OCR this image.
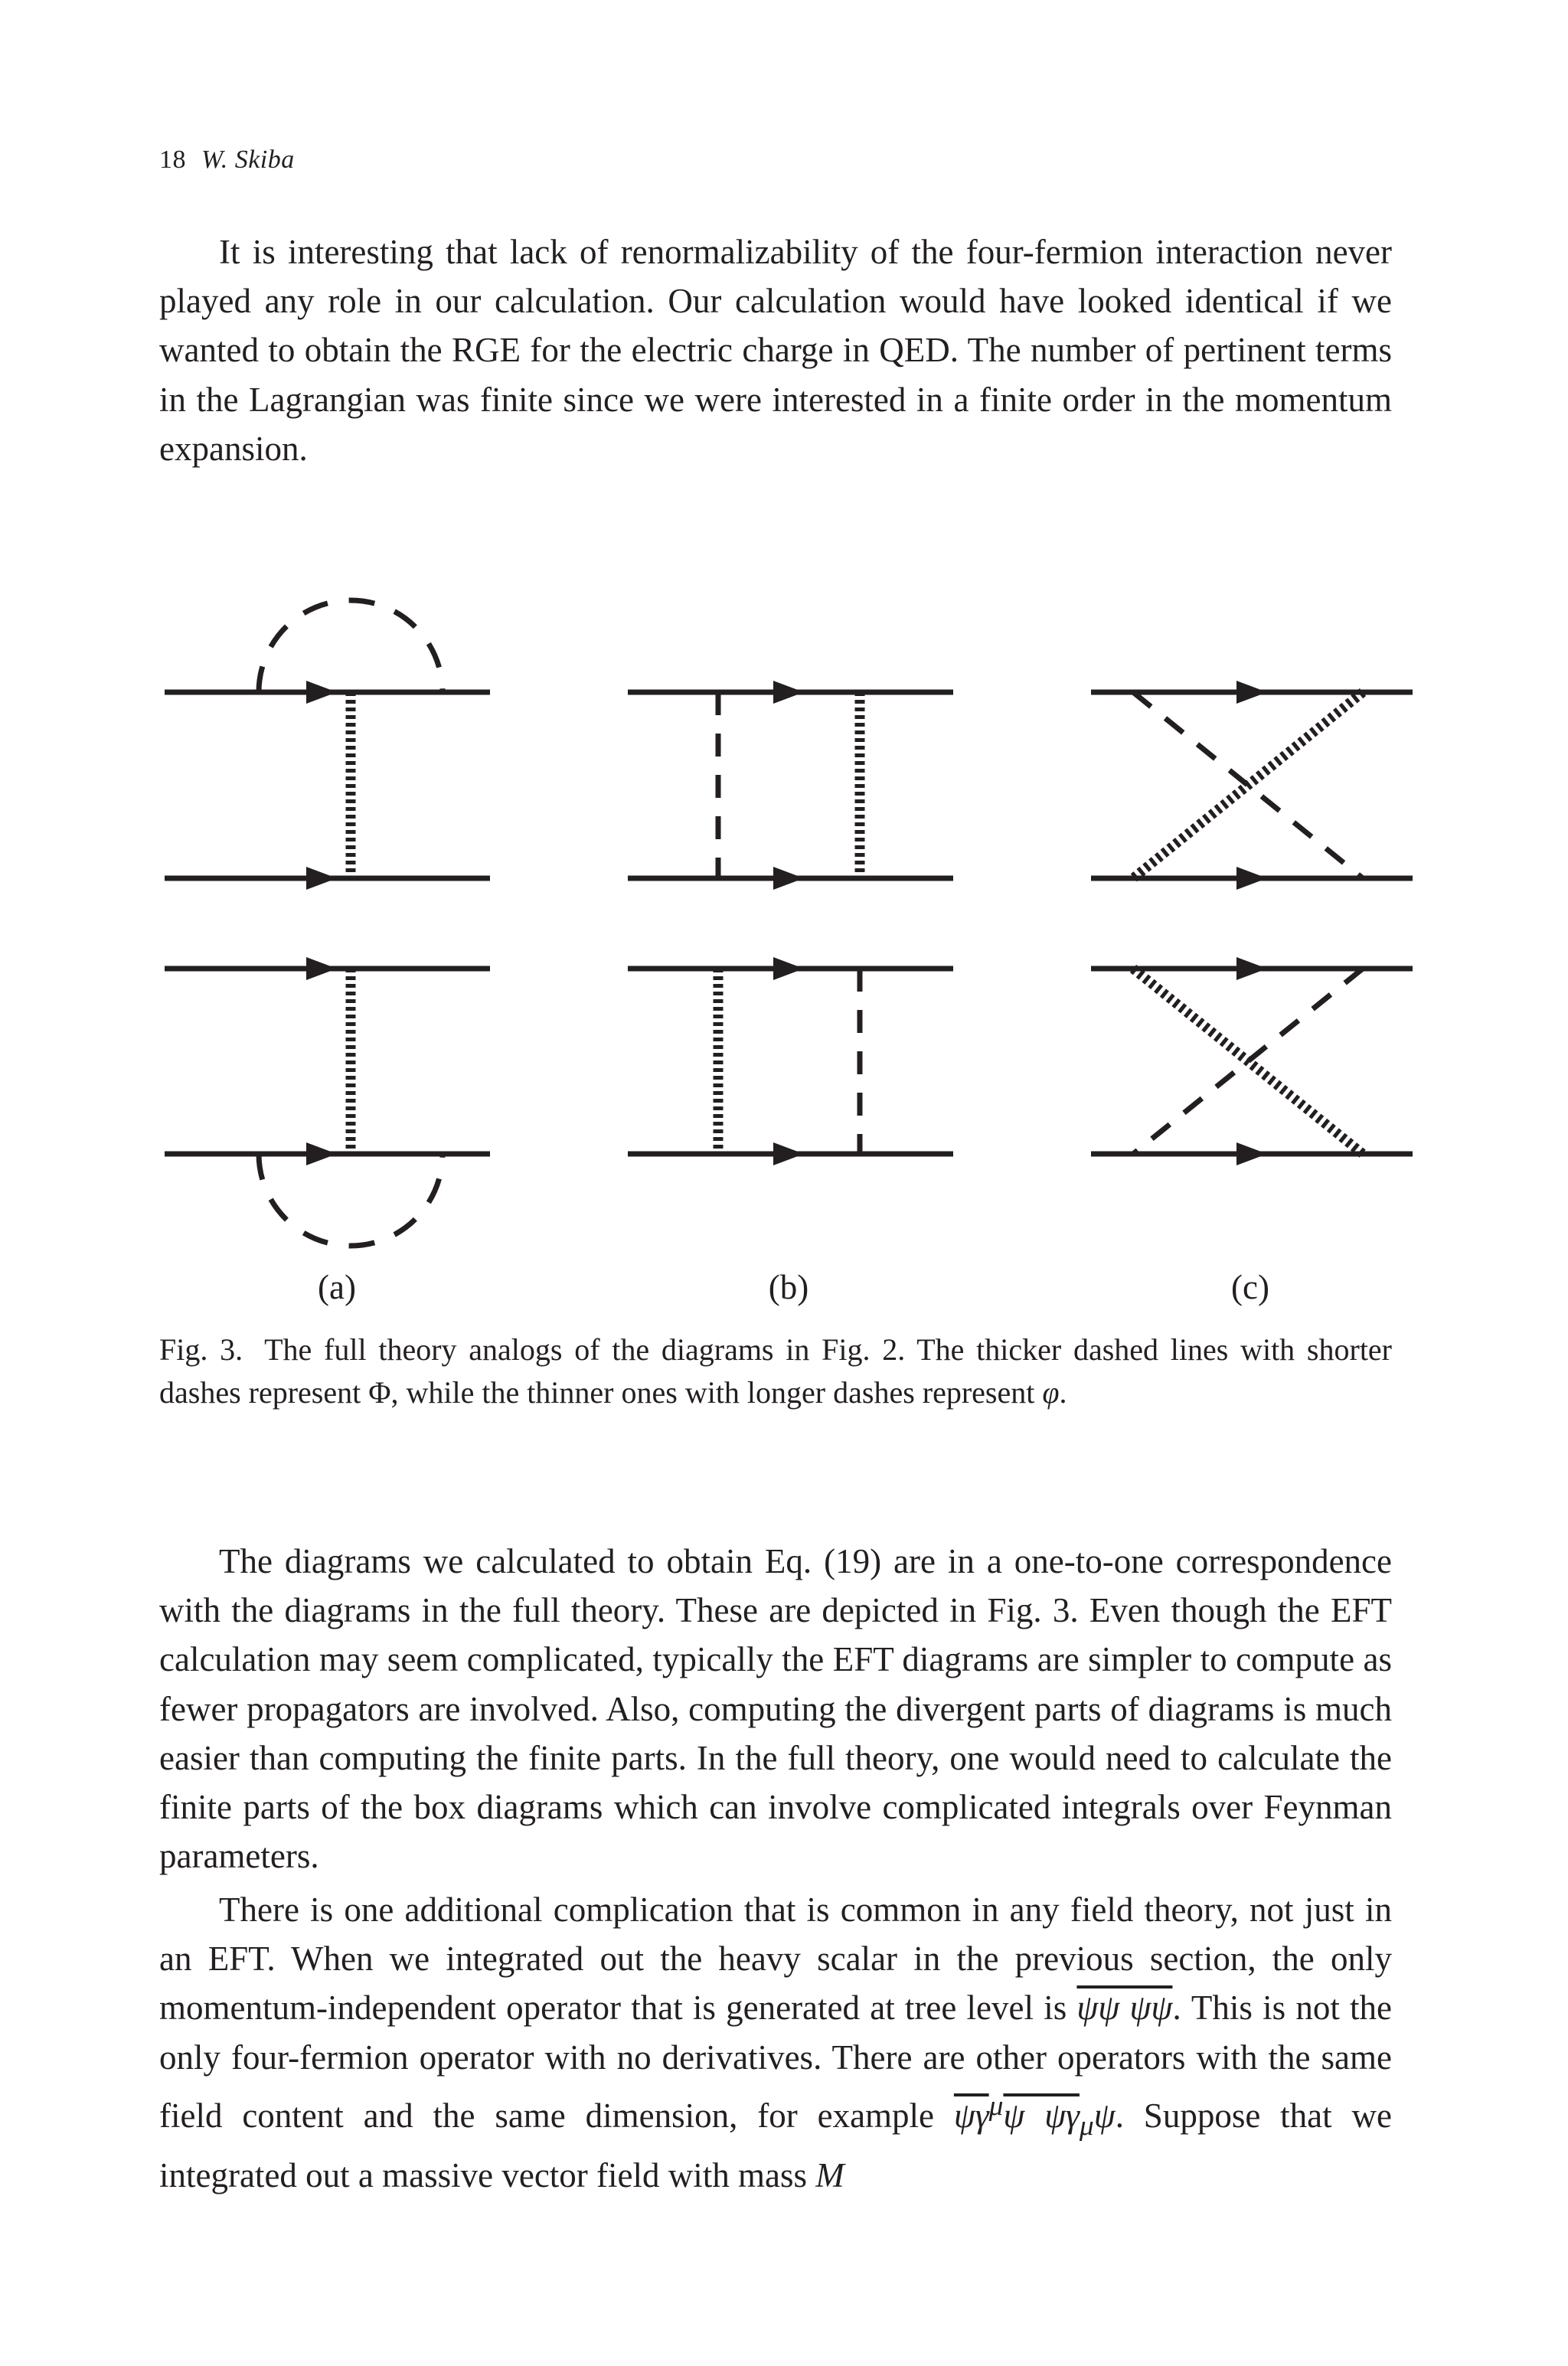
18 W. Skiba

It is interesting that lack of renormalizability of the four-fermion interaction never played any role in our calculation. Our calculation would have looked identical if we wanted to obtain the RGE for the electric charge in QED. The number of pertinent terms in the Lagrangian was finite since we were interested in a finite order in the momentum expansion.

(a)	(b)	(c)

Fig. 3. The full theory analogs of the diagrams in Fig. 2. The thicker dashed lines with shorter dashes represent Φ, while the thinner ones with longer dashes represent φ.

The diagrams we calculated to obtain Eq. (19) are in a one-to-one correspondence with the diagrams in the full theory. These are depicted in Fig. 3. Even though the EFT calculation may seem complicated, typically the EFT diagrams are simpler to compute as fewer propagators are involved. Also, computing the divergent parts of diagrams is much easier than computing the finite parts. In the full theory, one would need to calculate the finite parts of the box diagrams which can involve complicated integrals over Feynman parameters.

There is one additional complication that is common in any field theory, not just in an EFT. When we integrated out the heavy scalar in the previous section, the only momentum-independent operator that is generated at tree level is ψψ ψψ. This is not the only four-fermion operator with no derivatives. There are other operators with the same field content and the same dimension, for example $\overline{\psi\gamma}^\mu\psi$ $\psi\gamma_\mu\psi$. Suppose that we integrated out a massive vector field with mass M
